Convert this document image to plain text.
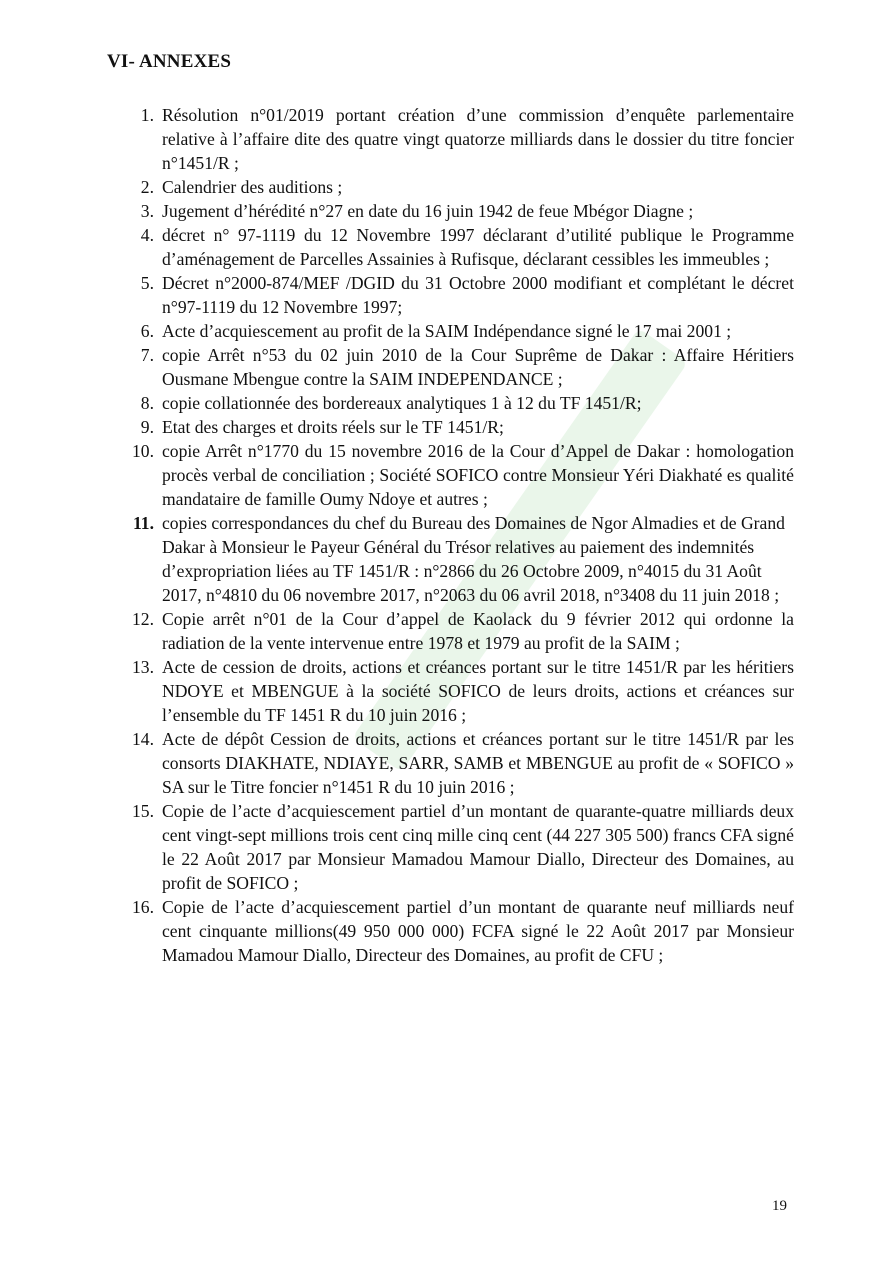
VI- ANNEXES
1. Résolution n°01/2019 portant création d’une commission d’enquête parlementaire relative à l’affaire dite des quatre vingt quatorze milliards dans le dossier du titre foncier n°1451/R ;
2. Calendrier des auditions ;
3. Jugement d’hérédité n°27 en date du 16 juin 1942 de feue Mbégor Diagne ;
4. décret n° 97-1119 du 12 Novembre 1997 déclarant d’utilité publique le Programme d’aménagement de Parcelles Assainies à Rufisque, déclarant cessibles les immeubles ;
5. Décret n°2000-874/MEF /DGID du 31 Octobre 2000 modifiant et complétant le décret n°97-1119 du 12 Novembre 1997;
6. Acte d’acquiescement au profit de la SAIM Indépendance signé le 17 mai 2001 ;
7. copie Arrêt n°53 du 02 juin 2010 de la Cour Suprême de Dakar : Affaire Héritiers Ousmane Mbengue contre la SAIM INDEPENDANCE ;
8. copie collationnée des bordereaux analytiques 1 à 12 du TF 1451/R;
9. Etat des charges et droits réels sur le TF 1451/R;
10. copie Arrêt n°1770 du 15 novembre 2016 de la Cour d’Appel de Dakar : homologation procès verbal de conciliation ; Société SOFICO contre Monsieur Yéri Diakhaté es qualité mandataire de famille Oumy Ndoye et autres ;
11. copies correspondances du chef du Bureau des Domaines de Ngor Almadies et de Grand Dakar à Monsieur le Payeur Général du Trésor relatives au paiement des indemnités d’expropriation liées au TF 1451/R : n°2866 du 26 Octobre 2009, n°4015 du 31 Août 2017, n°4810 du 06 novembre 2017, n°2063 du 06 avril 2018, n°3408 du 11 juin 2018 ;
12. Copie arrêt n°01 de la Cour d’appel de Kaolack du 9 février 2012 qui ordonne la radiation de la vente intervenue entre 1978 et 1979 au profit de la SAIM ;
13. Acte de cession de droits, actions et créances portant sur le titre 1451/R par les héritiers NDOYE et MBENGUE à la société SOFICO de leurs droits, actions et créances sur l’ensemble du TF 1451 R du 10 juin 2016 ;
14. Acte de dépôt Cession de droits, actions et créances portant sur le titre 1451/R par les consorts DIAKHATE, NDIAYE, SARR, SAMB et MBENGUE au profit de « SOFICO » SA sur le Titre foncier n°1451 R du 10 juin 2016 ;
15. Copie de l’acte d’acquiescement partiel d’un montant de quarante-quatre milliards deux cent vingt-sept millions trois cent cinq mille cinq cent (44 227 305 500) francs CFA signé le 22 Août 2017 par Monsieur Mamadou Mamour Diallo, Directeur des Domaines, au profit de SOFICO ;
16. Copie de l’acte d’acquiescement partiel d’un montant de quarante neuf milliards neuf cent cinquante millions(49 950 000 000) FCFA signé le 22 Août 2017 par Monsieur Mamadou Mamour Diallo, Directeur des Domaines, au profit de CFU ;
19
